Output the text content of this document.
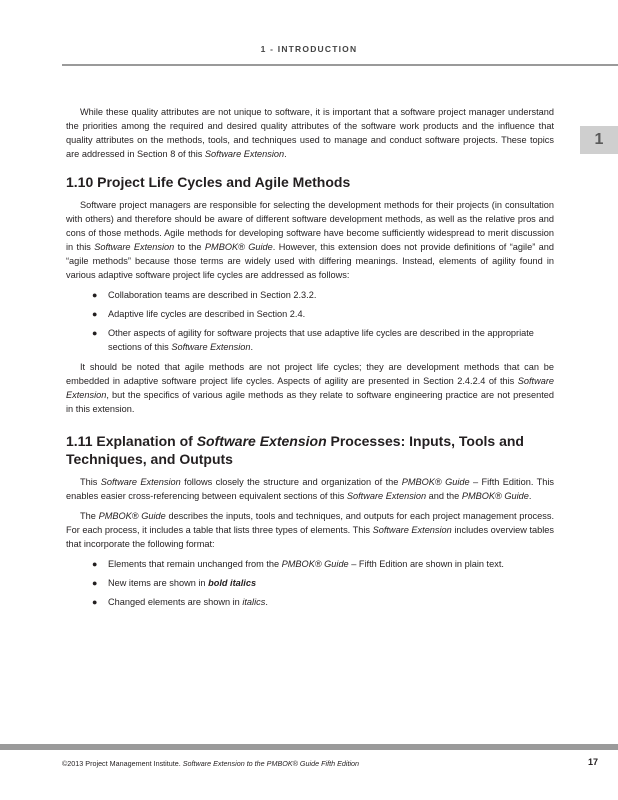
1 - INTRODUCTION
1

While these quality attributes are not unique to software, it is important that a software project manager understand the priorities among the required and desired quality attributes of the software work products and the influence that quality attributes on the methods, tools, and techniques used to manage and conduct software projects. These topics are addressed in Section 8 of this Software Extension.

1.10 Project Life Cycles and Agile Methods

Software project managers are responsible for selecting the development methods for their projects (in consultation with others) and therefore should be aware of different software development methods, as well as the relative pros and cons of those methods. Agile methods for developing software have become sufficiently widespread to merit discussion in this Software Extension to the PMBOK® Guide. However, this extension does not provide definitions of “agile” and “agile methods” because those terms are widely used with differing meanings. Instead, elements of agility found in various adaptive software project life cycles are addressed as follows:

● Collaboration teams are described in Section 2.3.2.
● Adaptive life cycles are described in Section 2.4.
● Other aspects of agility for software projects that use adaptive life cycles are described in the appropriate sections of this Software Extension.

It should be noted that agile methods are not project life cycles; they are development methods that can be embedded in adaptive software project life cycles. Aspects of agility are presented in Section 2.4.2.4 of this Software Extension, but the specifics of various agile methods as they relate to software engineering practice are not presented in this extension.

1.11 Explanation of Software Extension Processes: Inputs, Tools and Techniques, and Outputs

This Software Extension follows closely the structure and organization of the PMBOK® Guide – Fifth Edition. This enables easier cross-referencing between equivalent sections of this Software Extension and the PMBOK® Guide.

The PMBOK® Guide describes the inputs, tools and techniques, and outputs for each project management process. For each process, it includes a table that lists three types of elements. This Software Extension includes overview tables that incorporate the following format:

● Elements that remain unchanged from the PMBOK® Guide – Fifth Edition are shown in plain text.
● New items are shown in bold italics
● Changed elements are shown in italics.
©2013 Project Management Institute. Software Extension to the PMBOK® Guide Fifth Edition	17
